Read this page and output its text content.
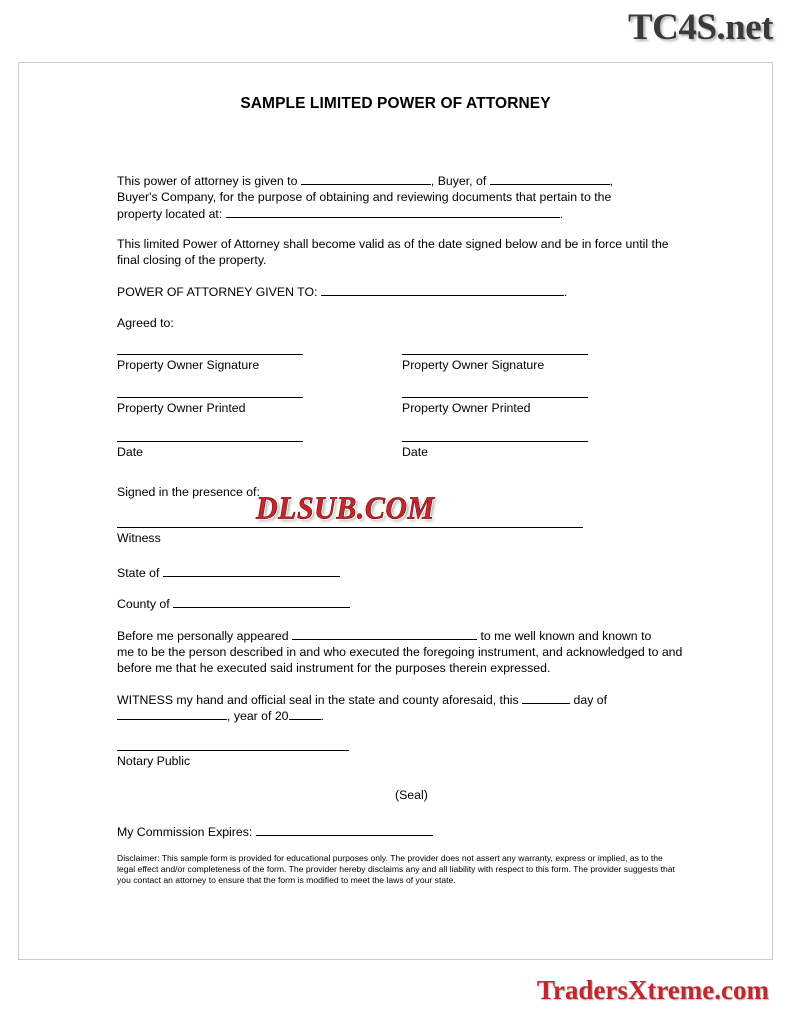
TC4S.net
SAMPLE LIMITED POWER OF ATTORNEY

This power of attorney is given to	, Buyer, of	,
Buyer's Company, for the purpose of obtaining and reviewing documents that pertain to the
property located at:	.

This limited Power of Attorney shall become valid as of the date signed below and be in force until the final closing of the property.

POWER OF ATTORNEY GIVEN TO:	.

Agreed to:

Property Owner Signature	Property Owner Signature
Property Owner Printed	Property Owner Printed
Date	Date

Signed in the presence of:

Witness

State of

County of

Before me personally appeared	to me well known and known to
me to be the person described in and who executed the foregoing instrument, and acknowledged to and before me that he executed said instrument for the purposes therein expressed.

WITNESS my hand and official seal in the state and county aforesaid, this	day of
, year of 20	.

Notary Public
(Seal)
My Commission Expires:
Disclaimer: This sample form is provided for educational purposes only. The provider does not assert any warranty, express or implied, as to the legal effect and/or completeness of the form. The provider hereby disclaims any and all liability with respect to this form. The provider suggests that you contact an attorney to ensure that the form is modified to meet the laws of your state.
DLSUB.COM
TradersXtreme.com
